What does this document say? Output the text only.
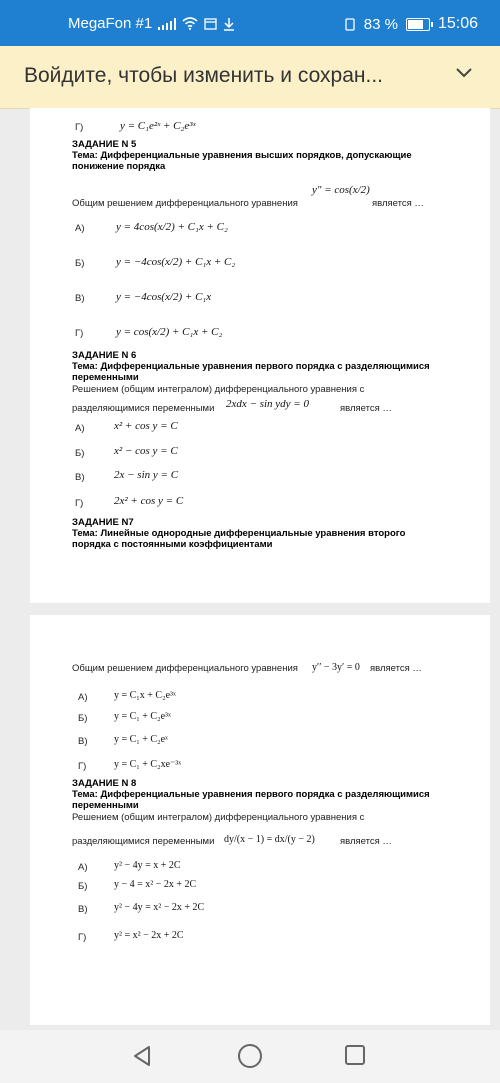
MegaFon #1	83 %	15:06
Войдите, чтобы изменить и сохран...
Г)	y = C₁e²ˣ + C₂e³ˣ
ЗАДАНИЕ N 5
Тема: Дифференциальные уравнения высших порядков, допускающие
понижение порядка
Общим решением дифференциального уравнения
y″ = cos(x/2)
является …
А)	y = 4cos(x/2) + C₁x + C₂
Б)	y = −4cos(x/2) + C₁x + C₂
В)	y = −4cos(x/2) + C₁x
Г)	y = cos(x/2) + C₁x + C₂
ЗАДАНИЕ N 6
Тема: Дифференциальные уравнения первого порядка с разделяющимися
переменными
Решением (общим интегралом) дифференциального уравнения с
разделяющимися переменными 2xdx − sin ydy = 0	является …
А)	x² + cos y = C
Б)	x² − cos y = C
В)	2x − sin y = C
Г)	2x² + cos y = C
ЗАДАНИЕ N7
Тема: Линейные однородные дифференциальные уравнения второго
порядка с постоянными коэффициентами
Общим решением дифференциального уравнения y′′ − 3y′ = 0 является …
А)	y = C₁x + C₂e³ˣ
Б)	y = C₁ + C₂e³ˣ
В)	y = C₁ + C₂eˣ
Г)	y = C₁ + C₂xe⁻³ˣ
ЗАДАНИЕ N 8
Тема: Дифференциальные уравнения первого порядка с разделяющимися
переменными
Решением (общим интегралом) дифференциального уравнения с
разделяющимися переменными dy/(x − 1) = dx/(y − 2)	является …
А)	y² − 4y = x + 2C
Б)	y − 4 = x² − 2x + 2C
В)	y² − 4y = x² − 2x + 2C
Г)	y² = x² − 2x + 2C
